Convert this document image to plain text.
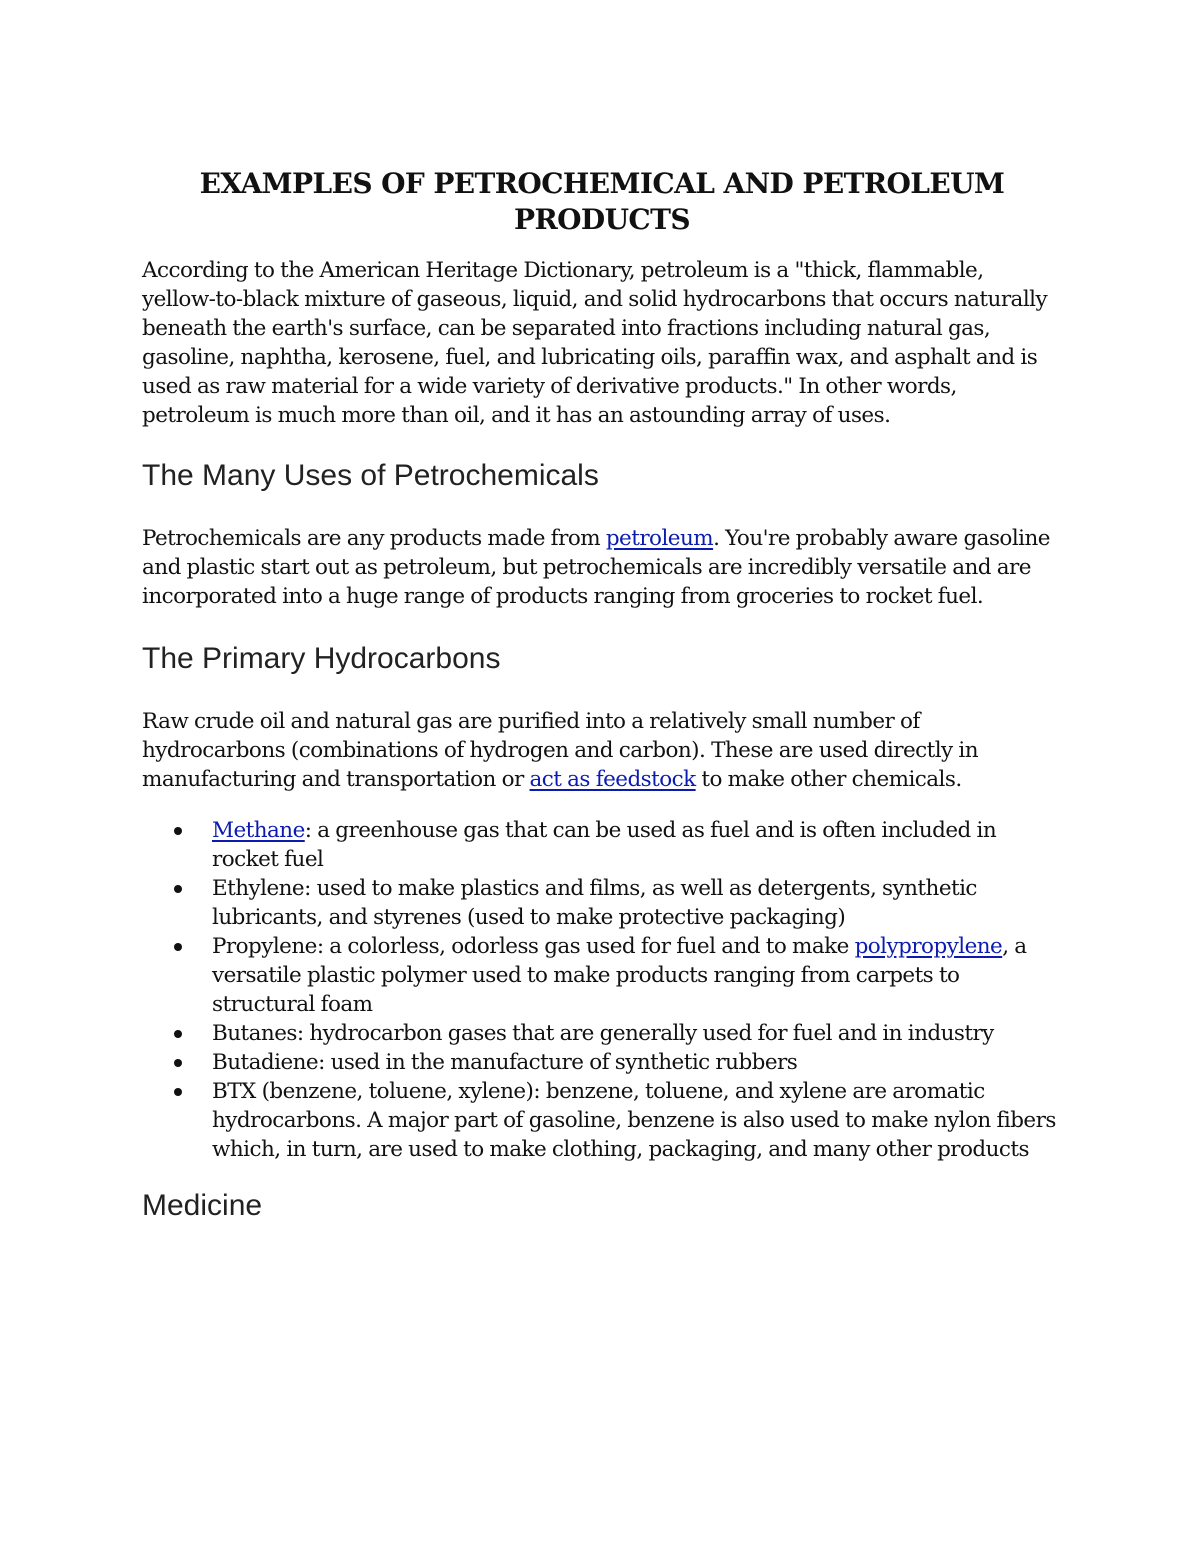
EXAMPLES OF PETROCHEMICAL AND PETROLEUM PRODUCTS

According to the American Heritage Dictionary, petroleum is a "thick, flammable, yellow-to-black mixture of gaseous, liquid, and solid hydrocarbons that occurs naturally beneath the earth's surface, can be separated into fractions including natural gas, gasoline, naphtha, kerosene, fuel, and lubricating oils, paraffin wax, and asphalt and is used as raw material for a wide variety of derivative products." In other words, petroleum is much more than oil, and it has an astounding array of uses.

The Many Uses of Petrochemicals

Petrochemicals are any products made from petroleum. You're probably aware gasoline and plastic start out as petroleum, but petrochemicals are incredibly versatile and are incorporated into a huge range of products ranging from groceries to rocket fuel.

The Primary Hydrocarbons

Raw crude oil and natural gas are purified into a relatively small number of hydrocarbons (combinations of hydrogen and carbon). These are used directly in manufacturing and transportation or act as feedstock to make other chemicals.

Methane: a greenhouse gas that can be used as fuel and is often included in rocket fuel
Ethylene: used to make plastics and films, as well as detergents, synthetic lubricants, and styrenes (used to make protective packaging)
Propylene: a colorless, odorless gas used for fuel and to make polypropylene, a versatile plastic polymer used to make products ranging from carpets to structural foam
Butanes: hydrocarbon gases that are generally used for fuel and in industry
Butadiene: used in the manufacture of synthetic rubbers
BTX (benzene, toluene, xylene): benzene, toluene, and xylene are aromatic hydrocarbons. A major part of gasoline, benzene is also used to make nylon fibers which, in turn, are used to make clothing, packaging, and many other products
Medicine
